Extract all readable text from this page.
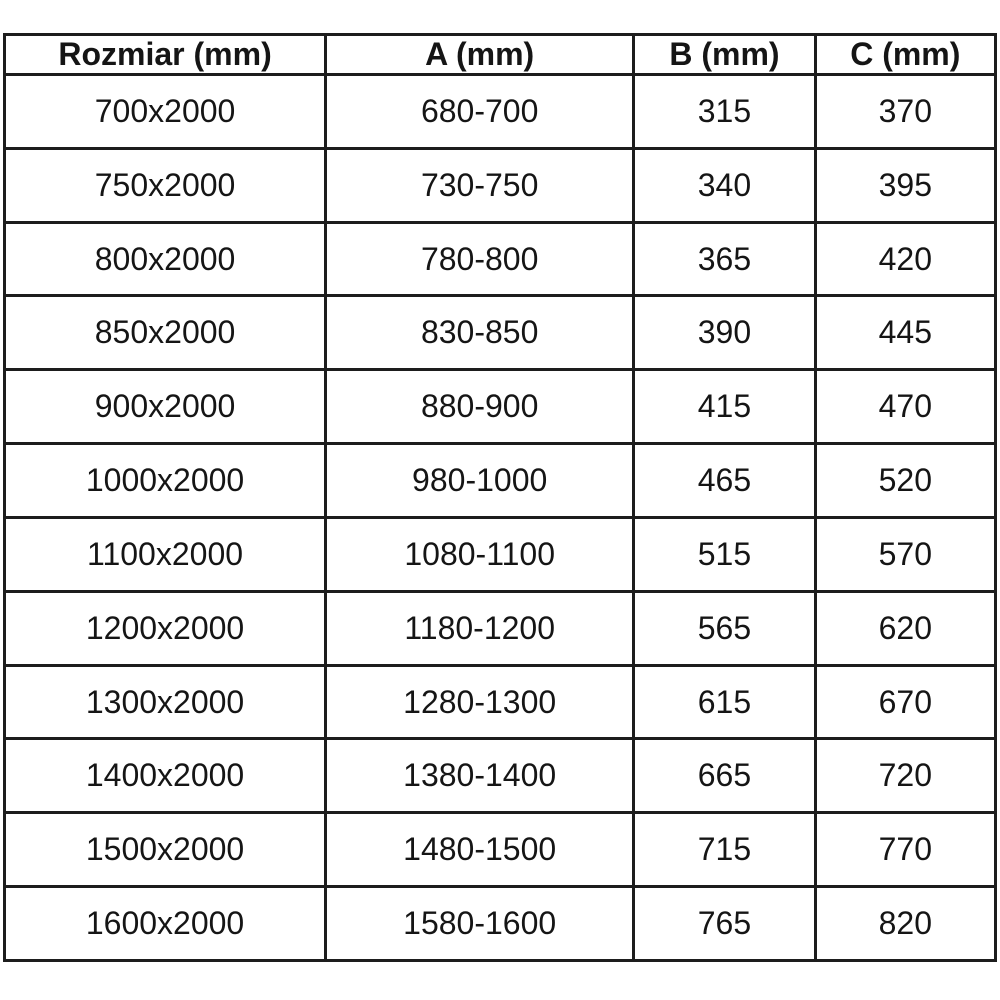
Rozmiar (mm)	A (mm)	B (mm)	C (mm)
700x2000	680-700	315	370
750x2000	730-750	340	395
800x2000	780-800	365	420
850x2000	830-850	390	445
900x2000	880-900	415	470
1000x2000	980-1000	465	520
1100x2000	1080-1100	515	570
1200x2000	1180-1200	565	620
1300x2000	1280-1300	615	670
1400x2000	1380-1400	665	720
1500x2000	1480-1500	715	770
1600x2000	1580-1600	765	820
